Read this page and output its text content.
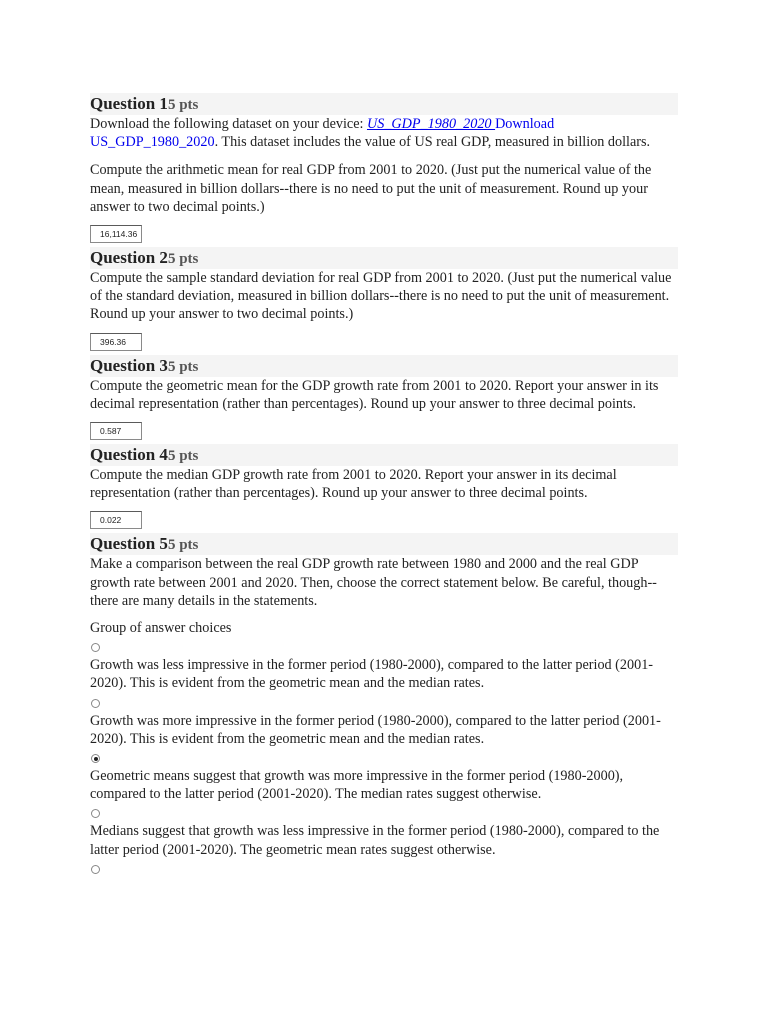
Question 15 pts

Download the following dataset on your device: US_GDP_1980_2020 Download US_GDP_1980_2020. This dataset includes the value of US real GDP, measured in billion dollars.

Compute the arithmetic mean for real GDP from 2001 to 2020. (Just put the numerical value of the mean, measured in billion dollars--there is no need to put the unit of measurement. Round up your answer to two decimal points.)

16,114.36
Question 25 pts

Compute the sample standard deviation for real GDP from 2001 to 2020. (Just put the numerical value of the standard deviation, measured in billion dollars--there is no need to put the unit of measurement. Round up your answer to two decimal points.)

396.36
Question 35 pts

Compute the geometric mean for the GDP growth rate from 2001 to 2020. Report your answer in its decimal representation (rather than percentages). Round up your answer to three decimal points.

0.587
Question 45 pts

Compute the median GDP growth rate from 2001 to 2020. Report your answer in its decimal representation (rather than percentages). Round up your answer to three decimal points.

0.022
Question 55 pts

Make a comparison between the real GDP growth rate between 1980 and 2000 and the real GDP growth rate between 2001 and 2020. Then, choose the correct statement below. Be careful, though--there are many details in the statements.

Group of answer choices

Growth was less impressive in the former period (1980-2000), compared to the latter period (2001-2020). This is evident from the geometric mean and the median rates.

Growth was more impressive in the former period (1980-2000), compared to the latter period (2001-2020). This is evident from the geometric mean and the median rates.

Geometric means suggest that growth was more impressive in the former period (1980-2000), compared to the latter period (2001-2020). The median rates suggest otherwise.

Medians suggest that growth was less impressive in the former period (1980-2000), compared to the latter period (2001-2020). The geometric mean rates suggest otherwise.
